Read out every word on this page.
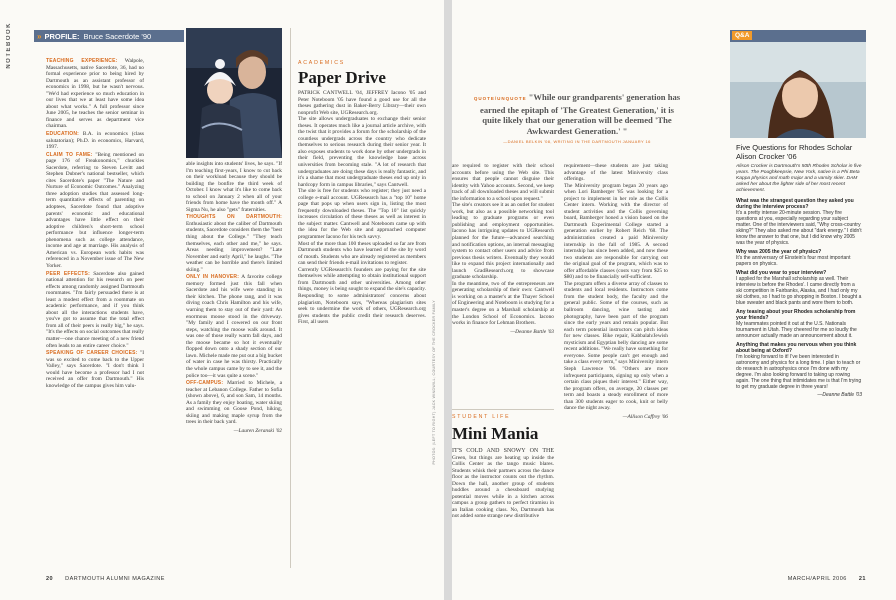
NOTEBOOK	» PROFILE: Bruce Sacerdote '90

TEACHING EXPERIENCE: Walpole, Massachusetts, native Sacerdote, 36, had no formal experience prior to being hired by Dartmouth as an assistant professor of economics in 1998, but he wasn't nervous. "We'd had experience so much education in our lives that we at least have some idea about what works." A full professor since June 2005, he teaches the senior seminar in finance and serves as department vice chairman.

EDUCATION: B.A. in economics (class salutatorian); Ph.D. in economics, Harvard, 1997.

CLAIM TO FAME: "Being mentioned on page 176 of Freakonomics," chuckles Sacerdote, referring to Steven Levitt and Stephen Dubner's national bestseller, which cites Sacerdote's paper "The Nature and Nurture of Economic Outcomes." Analyzing three adoption studies that assessed long-term quantitative effects of parenting on adoptees, Sacerdote found that adoptive parents' economic and educational advantages have little effect on their adoptive children's short-term school performance but influence longer-term phenomena such as college attendance, income and age at marriage. His analysis of American vs. European work habits was referenced in a November issue of The New Yorker.

PEER EFFECTS: Sacerdote also gained national attention for his research on peer effects among randomly assigned Dartmouth roommates. "I'm fairly persuaded there is at least a modest effect from a roommate on academic performance, and if you think about all the interactions students have, you've got to assume that the total effect from all of their peers is really big," he says. "It's the effects on social outcomes that really matter—one chance meeting of a new friend often leads to an entire career choice."

SPEAKING OF CAREER CHOICES: "I was so excited to come back to the Upper Valley," says Sacerdote. "I don't think I would have become a professor had I not received an offer from Dartmouth." His knowledge of the campus gives him valu-

able insights into students' lives, he says. "If I'm teaching first-years, I know to cut back on their workload because they should be building the bonfire the third week of October. I know what it's like to come back to school on January 2 when all of your friends from home have the month off." A Sigma Nu, he also "gets" fraternities.

THOUGHTS ON DARTMOUTH: Enthusiastic about the caliber of Dartmouth students, Sacerdote considers them the "best thing about the College." "They teach themselves, each other and me," he says. Areas needing improvement? "Late November and early April," he laughs. "The weather can be horrible and there's limited skiing."

ONLY IN HANOVER: A favorite college memory formed just this fall when Sacerdote and his wife were standing in their kitchen. The phone rang, and it was diving coach Chris Hamilton and his wife, warning them to stay out of their yard: An enormous moose stood in the driveway. "My family and I cowered on our front steps, watching the moose walk around. It was one of those really warm fall days, and the moose became so hot it eventually flopped down onto a shady section of our lawn. Michele made me put out a big bucket of water in case he was thirsty. Practically the whole campus came by to see it, and the police too—it was quite a scene."

OFF-CAMPUS: Married to Michele, a teacher at Lebanon College. Father to Sofia (shown above), 6, and son Sam, 14 months. As a family they enjoy boating, water skiing and swimming on Goose Pond, hiking, skiing and making maple syrup from the trees in their back yard.

—Lauren Zeranski '02

ACADEMICS
Paper Drive

PATRICK CANTWELL '04, JEFFREY Iacono '05 and Peter Noteboom '05 have found a good use for all the theses gathering dust in Baker-Berry Library—their own nonprofit Web site, UGResearch.org.

The site allows undergraduates to exchange their senior theses. It operates much like a journal article archive, with the twist that it provides a forum for the scholarship of the countless undergrads across the country who dedicate themselves to serious research during their senior year. It also exposes students to work done by other undergrads in their field, preventing the knowledge base across universities from becoming stale. "A lot of research that undergraduates are doing these days is really fantastic, and it's a shame that most undergraduate theses end up only in hardcopy form in campus libraries," says Cantwell.

The site is free for students who register; they just need a college e-mail account. UGResearch has a "top 10" home page that pops up when users sign in, listing the most frequently downloaded theses. The "Top 10" list quickly increases circulation of these theses as well as interest in the subject matter. Cantwell and Noteboom came up with the idea for the Web site and approached computer programmer Iacono for his tech savvy.

Most of the more than 100 theses uploaded so far are from Dartmouth students who have learned of the site by word of mouth. Students who are already registered as members can send their friends e-mail invitations to register.

Currently UGResearch's founders are paying for the site themselves while attempting to obtain institutional support from Dartmouth and other universities. Among other things, money is being sought to expand the site's capacity. Responding to some administrators' concerns about plagiarism, Noteboom says, "Whereas plagiarism sites seek to undermine the work of others, UGResearch.org gives students the public credit their research deserves. First, all users

20 DARTMOUTH ALUMNI MAGAZINE
PHOTOS: (LEFT TO RIGHT) JACK WINDWILL; COURTESY OF THE CROCKER FAMILY
QUOTE/UNQUOTE "While our grandparents' generation has earned the epitaph of 'The Greatest Generation,' it is quite likely that our generation will be deemed 'The Awkwardest Generation.' "
—DANIEL BELKIN '08, WRITING IN THE DARTMOUTH JANUARY 16

are required to register with their school accounts before using the Web site. This ensures that people cannot disguise their identity with Yahoo accounts. Second, we keep track of all downloaded theses and will submit the information to a school upon request."

The site's creators see it as an outlet for student work, but also as a possible networking tool leading to graduate programs or even publishing and employment opportunities. Iacono has intriguing updates to UGResearch planned for the future—advanced searching and notification options, an internal messaging system to contact other users and advice from previous thesis writers. Eventually they would like to expand this project internationally and launch GradResearch.org to showcase graduate scholarship.

In the meantime, two of the entrepreneurs are generating scholarship of their own: Cantwell is working on a master's at the Thayer School of Engineering and Noteboom is studying for a master's degree on a Marshall scholarship at the London School of Economics. Iacono works in finance for Lehman Brothers.

—Deanne Battle '03

STUDENT LIFE
Mini Mania

IT'S COLD AND SNOWY ON THE Green, but things are heating up inside the Collis Center as the tango music blares. Students whisk their partners across the dance floor as the instructor counts out the rhythm. Down the hall, another group of students huddles around a chessboard studying potential moves while in a kitchen across campus a group gathers to perfect tiramisu in an Italian cooking class. No, Dartmouth has not added some strange new distributive

requirement—these students are just taking advantage of the latest Miniversity class offerings.

The Miniversity program began 20 years ago when Lori Bamberger '85 was looking for a project to implement in her role as the Collis Center intern. Working with the director of student activities and the Collis governing board, Bamberger honed a vision based on the Dartmouth Experimental College started a generation earlier by Robert Reich '68. The administration created a paid Miniversity internship in the fall of 1985. A second internship has since been added, and now these two students are responsible for carrying out the original goal of the program, which was to offer affordable classes (costs vary from $25 to $80) and to be financially self-sufficient.

The program offers a diverse array of classes to students and local residents. Instructors come from the student body, the faculty and the general public. Some of the courses, such as ballroom dancing, wine tasting and photography, have been part of the program since the early years and remain popular. But each term potential instructors can pitch ideas for new classes. Bike repair, Kabbalah/Jewish mysticism and Egyptian belly dancing are some recent additions. "We really have something for everyone. Some people can't get enough and take a class every term," says Miniversity intern Steph Lawrence '06. "Others are more infrequent participants, signing up only when a certain class piques their interest." Either way, the program offers, on average, 20 classes per term and boasts a steady enrollment of more than 300 students eager to cook, knit or belly dance the night away.

—Allison Caffrey '06

Q&A
Five Questions for Rhodes Scholar Alison Crocker '06
Alison Crocker is Dartmouth's 50th Rhodes Scholar in five years. The Poughkeepsie, New York, native is a Phi Beta Kappa physics and math major and a varsity skier. DAM asked her about the lighter side of her most recent achievement.
What was the strangest question they asked you during the interview process?
It's a pretty intense 20-minute session. They fire questions at you, especially regarding your subject matter. One of the interviewers said, "Why cross-country skiing?" They also asked me about "dark energy." I didn't know the answer to that one, but I did know why 2005 was the year of physics.
Why was 2005 the year of physics?
It's the anniversary of Einstein's four most important papers on physics.
What did you wear to your interview?
I applied for the Marshall scholarship as well. Their interview is before the Rhodes'. I came directly from a ski competition in Fairbanks, Alaska, and I had only my ski clothes, so I had to go shopping in Boston. I bought a blue sweater and black pants and wore them to both.
Any teasing about your Rhodes scholarship from your friends?
My teammates pointed it out at the U.S. Nationals tournament in Utah. They cheered for me so loudly the announcer actually made an announcement about it.
Anything that makes you nervous when you think about being at Oxford?
I'm looking forward to it! I've been interested in astronomy and physics for a long time. I plan to teach or do research in astrophysics once I'm done with my degree. I'm also looking forward to taking up rowing again. The one thing that intimidates me is that I'm trying to get my graduate degree in three years!
—Deanne Battle '03
MARCH/APRIL 2006 21
